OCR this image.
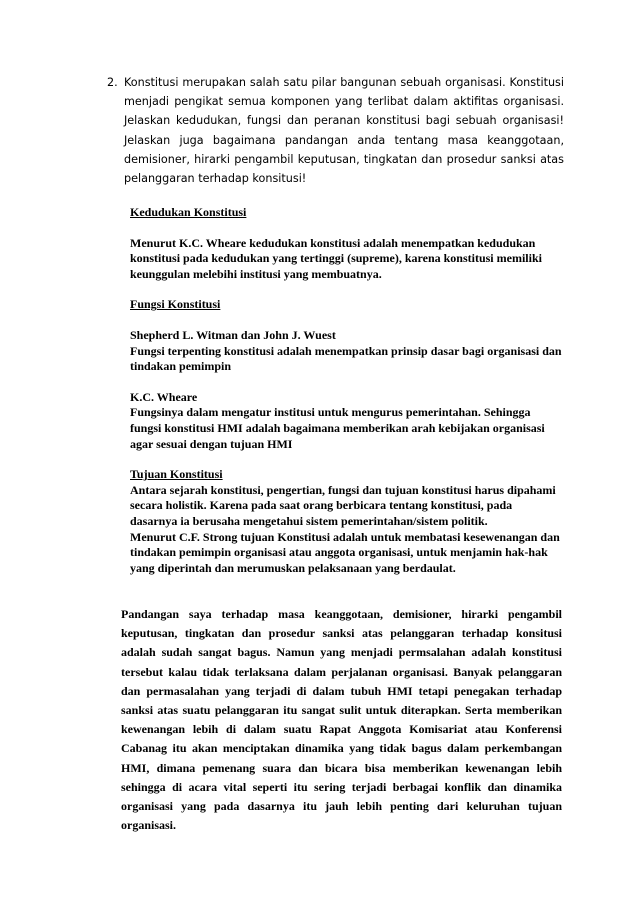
2. Konstitusi merupakan salah satu pilar bangunan sebuah organisasi. Konstitusi menjadi pengikat semua komponen yang terlibat dalam aktifitas organisasi. Jelaskan kedudukan, fungsi dan peranan konstitusi bagi sebuah organisasi! Jelaskan juga bagaimana pandangan anda tentang masa keanggotaan, demisioner, hirarki pengambil keputusan, tingkatan dan prosedur sanksi atas pelanggaran terhadap konsitusi!

Kedudukan Konstitusi

Menurut K.C. Wheare kedudukan konstitusi adalah menempatkan kedudukan konstitusi pada kedudukan yang tertinggi (supreme), karena konstitusi memiliki keunggulan melebihi institusi yang membuatnya.

Fungsi Konstitusi

Shepherd L. Witman dan John J. Wuest

Fungsi terpenting konstitusi adalah menempatkan prinsip dasar bagi organisasi dan tindakan pemimpin

K.C. Wheare

Fungsinya dalam mengatur institusi untuk mengurus pemerintahan. Sehingga fungsi konstitusi HMI adalah bagaimana memberikan arah kebijakan organisasi agar sesuai dengan tujuan HMI

Tujuan Konstitusi

Antara sejarah konstitusi, pengertian, fungsi dan tujuan konstitusi harus dipahami secara holistik. Karena pada saat orang berbicara tentang konstitusi, pada dasarnya ia berusaha mengetahui sistem pemerintahan/sistem politik.

Menurut C.F. Strong tujuan Konstitusi adalah untuk membatasi kesewenangan dan tindakan pemimpin organisasi atau anggota organisasi, untuk menjamin hak-hak yang diperintah dan merumuskan pelaksanaan yang berdaulat.

Pandangan saya terhadap masa keanggotaan, demisioner, hirarki pengambil keputusan, tingkatan dan prosedur sanksi atas pelanggaran terhadap konsitusi adalah sudah sangat bagus. Namun yang menjadi permsalahan adalah konstitusi tersebut kalau tidak terlaksana dalam perjalanan organisasi. Banyak pelanggaran dan permasalahan yang terjadi di dalam tubuh HMI tetapi penegakan terhadap sanksi atas suatu pelanggaran itu sangat sulit untuk diterapkan. Serta memberikan kewenangan lebih di dalam suatu Rapat Anggota Komisariat atau Konferensi Cabanag itu akan menciptakan dinamika yang tidak bagus dalam perkembangan HMI, dimana pemenang suara dan bicara bisa memberikan kewenangan lebih sehingga di acara vital seperti itu sering terjadi berbagai konflik dan dinamika organisasi yang pada dasarnya itu jauh lebih penting dari keluruhan tujuan organisasi.
